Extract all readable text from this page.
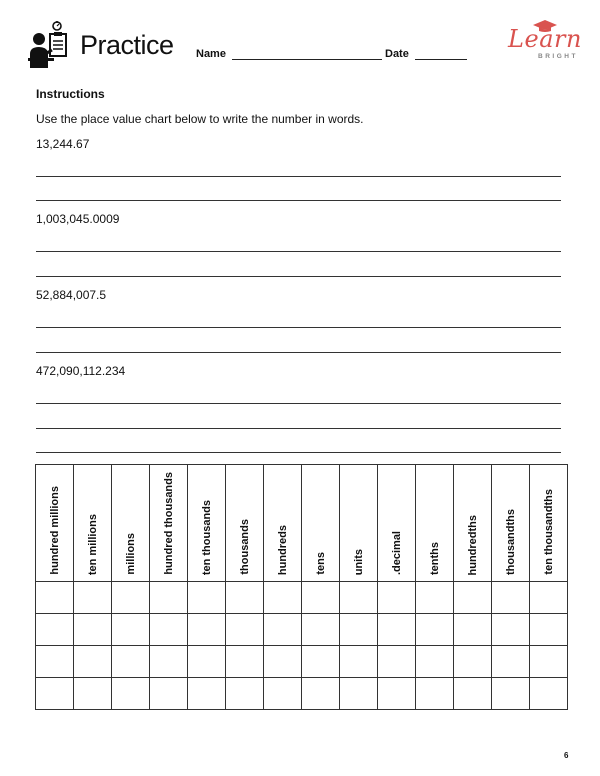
Practice Name	Date
Learn
BRIGHT
Instructions
Use the place value chart below to write the number in words.
13,244.67
1,003,045.0009
52,884,007.5
472,090,112.234
hundred millions	ten millions	millions	hundred thousands	ten thousands	thousands	hundreds	tens	units	.decimal	tenths	hundredths	thousandths	ten thousandths

6
